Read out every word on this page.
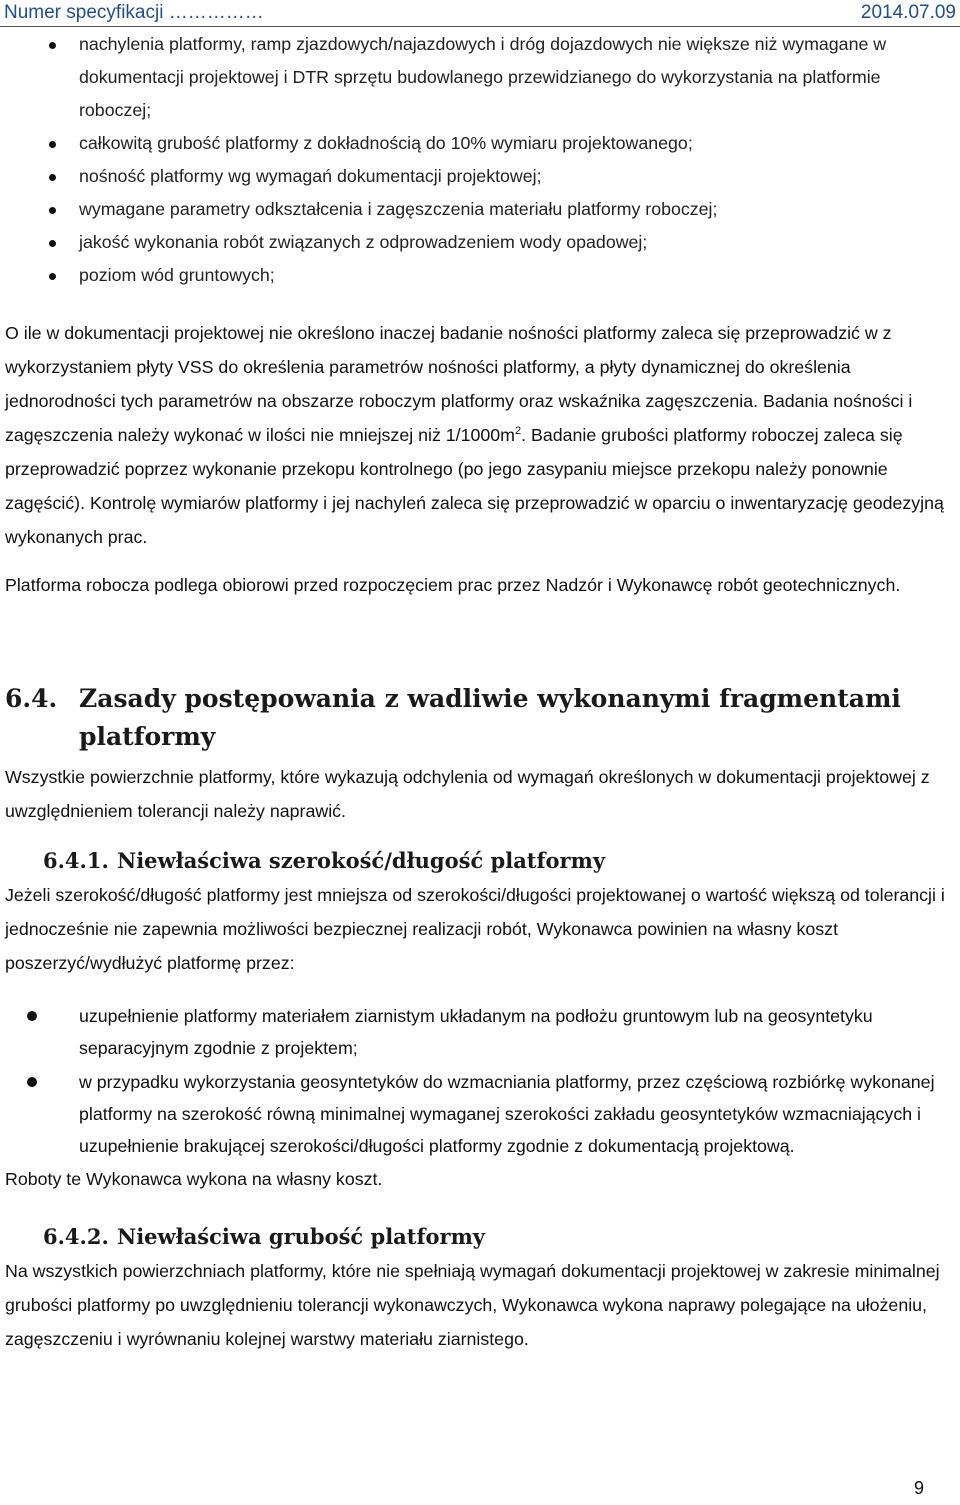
Numer specyfikacji ……………	2014.07.09
nachylenia platformy, ramp zjazdowych/najazdowych i dróg dojazdowych nie większe niż wymagane w dokumentacji projektowej i DTR sprzętu budowlanego przewidzianego do wykorzystania na platformie roboczej;
całkowitą grubość platformy z dokładnością do 10% wymiaru projektowanego;
nośność platformy wg wymagań dokumentacji projektowej;
wymagane parametry odkształcenia i zagęszczenia materiału platformy roboczej;
jakość wykonania robót związanych z odprowadzeniem wody opadowej;
poziom wód gruntowych;

O ile w dokumentacji projektowej nie określono inaczej badanie nośności platformy zaleca się przeprowadzić w z wykorzystaniem płyty VSS do określenia parametrów nośności platformy, a płyty dynamicznej do określenia jednorodności tych parametrów na obszarze roboczym platformy oraz wskaźnika zagęszczenia. Badania nośności i zagęszczenia należy wykonać w ilości nie mniejszej niż $1/1000m^2$. Badanie grubości platformy roboczej zaleca się przeprowadzić poprzez wykonanie przekopu kontrolnego (po jego zasypaniu miejsce przekopu należy ponownie zagęścić). Kontrolę wymiarów platformy i jej nachyleń zaleca się przeprowadzić w oparciu o inwentaryzację geodezyjną wykonanych prac.

Platforma robocza podlega obiorowi przed rozpoczęciem prac przez Nadzór i Wykonawcę robót geotechnicznych.

6.4. Zasady postępowania z wadliwie wykonanymi fragmentami platformy

Wszystkie powierzchnie platformy, które wykazują odchylenia od wymagań określonych w dokumentacji projektowej z uwzględnieniem tolerancji należy naprawić.

6.4.1. Niewłaściwa szerokość/długość platformy

Jeżeli szerokość/długość platformy jest mniejsza od szerokości/długości projektowanej o wartość większą od tolerancji i jednocześnie nie zapewnia możliwości bezpiecznej realizacji robót, Wykonawca powinien na własny koszt poszerzyć/wydłużyć platformę przez:

uzupełnienie platformy materiałem ziarnistym układanym na podłożu gruntowym lub na geosyntetyku separacyjnym zgodnie z projektem;
w przypadku wykorzystania geosyntetyków do wzmacniania platformy, przez częściową rozbiórkę wykonanej platformy na szerokość równą minimalnej wymaganej szerokości zakładu geosyntetyków wzmacniających i uzupełnienie brakującej szerokości/długości platformy zgodnie z dokumentacją projektową.

Roboty te Wykonawca wykona na własny koszt.

6.4.2. Niewłaściwa grubość platformy

Na wszystkich powierzchniach platformy, które nie spełniają wymagań dokumentacji projektowej w zakresie minimalnej grubości platformy po uwzględnieniu tolerancji wykonawczych, Wykonawca wykona naprawy polegające na ułożeniu, zagęszczeniu i wyrównaniu kolejnej warstwy materiału ziarnistego.

9
